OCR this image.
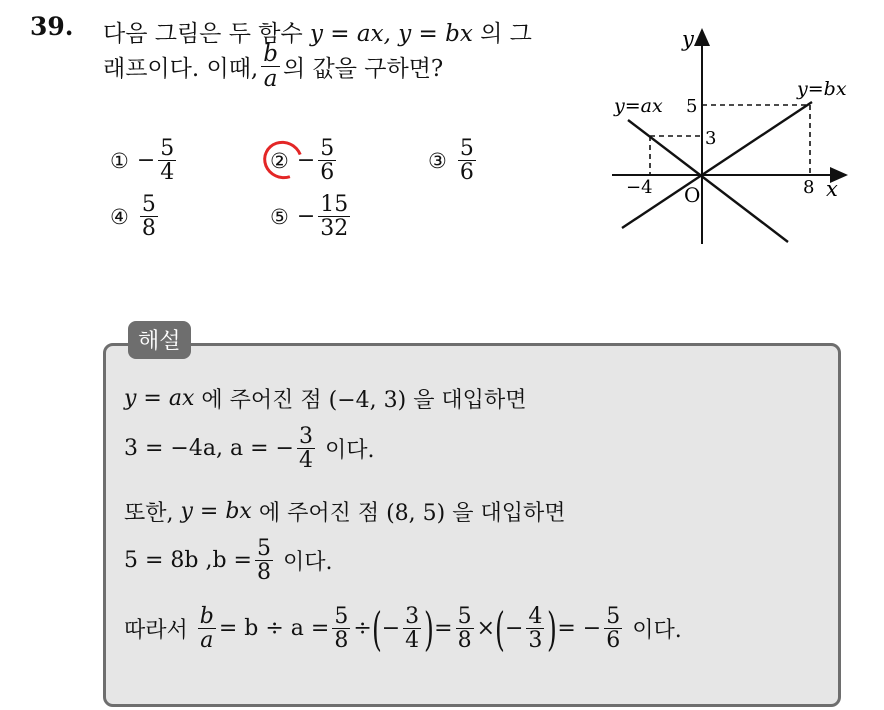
39. 다음 그림은 두 함수 y = ax, y = bx 의 그
래프이다. 이때, $\frac{b}{a}$ 의 값을 구하면?
① − $\frac{5}{4}$	② − $\frac{5}{6}$	③ $\frac{5}{6}$
④ $\frac{5}{8}$	⑤ − $\frac{15}{32}$
y
x
O
y=ax
y=bx
5
3
−4	8
해설
y = ax
에 주어진 점 (−4, 3) 을 대입하면
3 = −4a,
a = − $\frac{3}{4}$
이다.
또한,
y = bx
에 주어진 점 (8, 5) 을 대입하면
5 = 8b $,b = \frac{5}{8}$
이다.
따라서
$\frac{b}{a} = b \div a = \frac{5}{8}$ ÷ ( − $\frac{3}{4}$ ) = $\frac{5}{8}$ × ( − $\frac{4}{3}$ ) = − $\frac{5}{6}$
이다.
